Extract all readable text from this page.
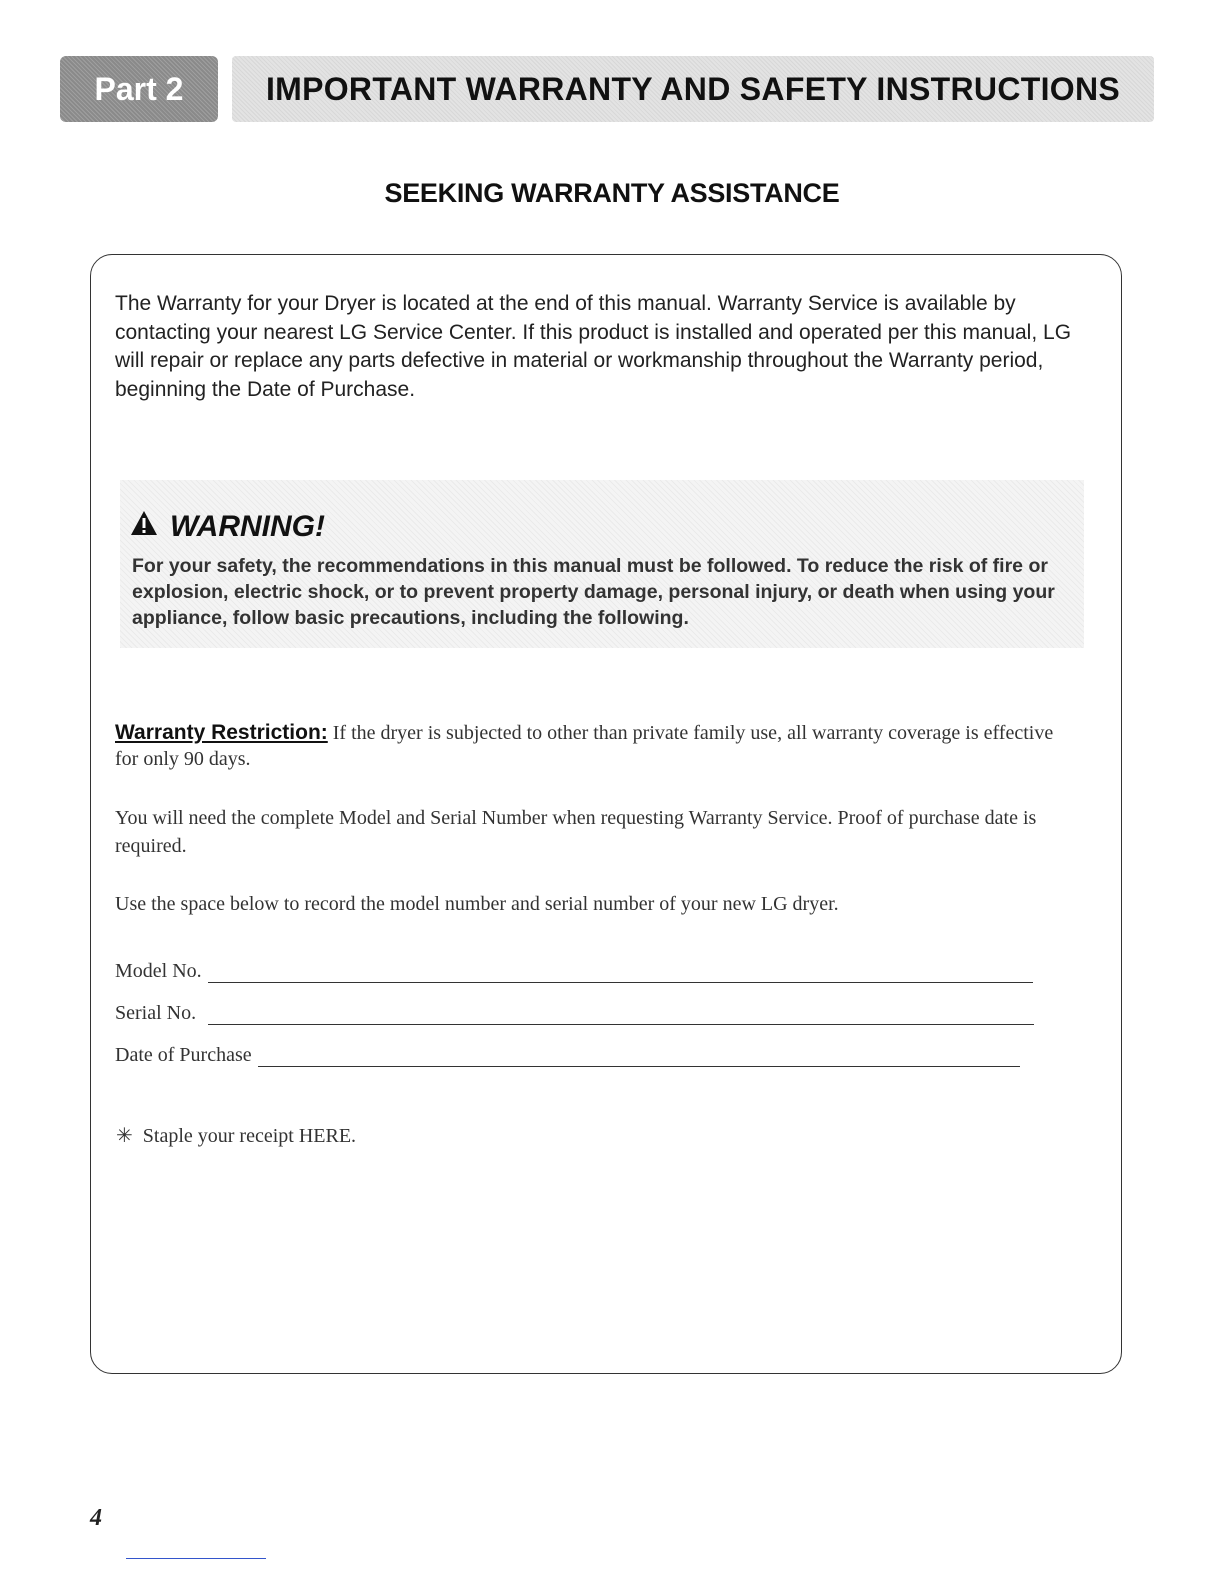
Part 2	IMPORTANT WARRANTY AND SAFETY INSTRUCTIONS
SEEKING WARRANTY ASSISTANCE
The Warranty for your Dryer is located at the end of this manual. Warranty Service is available by contacting your nearest LG Service Center. If this product is installed and operated per this manual, LG will repair or replace any parts defective in material or workmanship throughout the Warranty period, beginning the Date of Purchase.
WARNING!
For your safety, the recommendations in this manual must be followed. To reduce the risk of fire or explosion, electric shock, or to prevent property damage, personal injury, or death when using your appliance, follow basic precautions, including the following.
Warranty Restriction: If the dryer is subjected to other than private family use, all warranty coverage is effective for only 90 days.
You will need the complete Model and Serial Number when requesting Warranty Service. Proof of purchase date is required.
Use the space below to record the model number and serial number of your new LG dryer.
Model No.
Serial No.
Date of Purchase
✳ Staple your receipt HERE.
4
